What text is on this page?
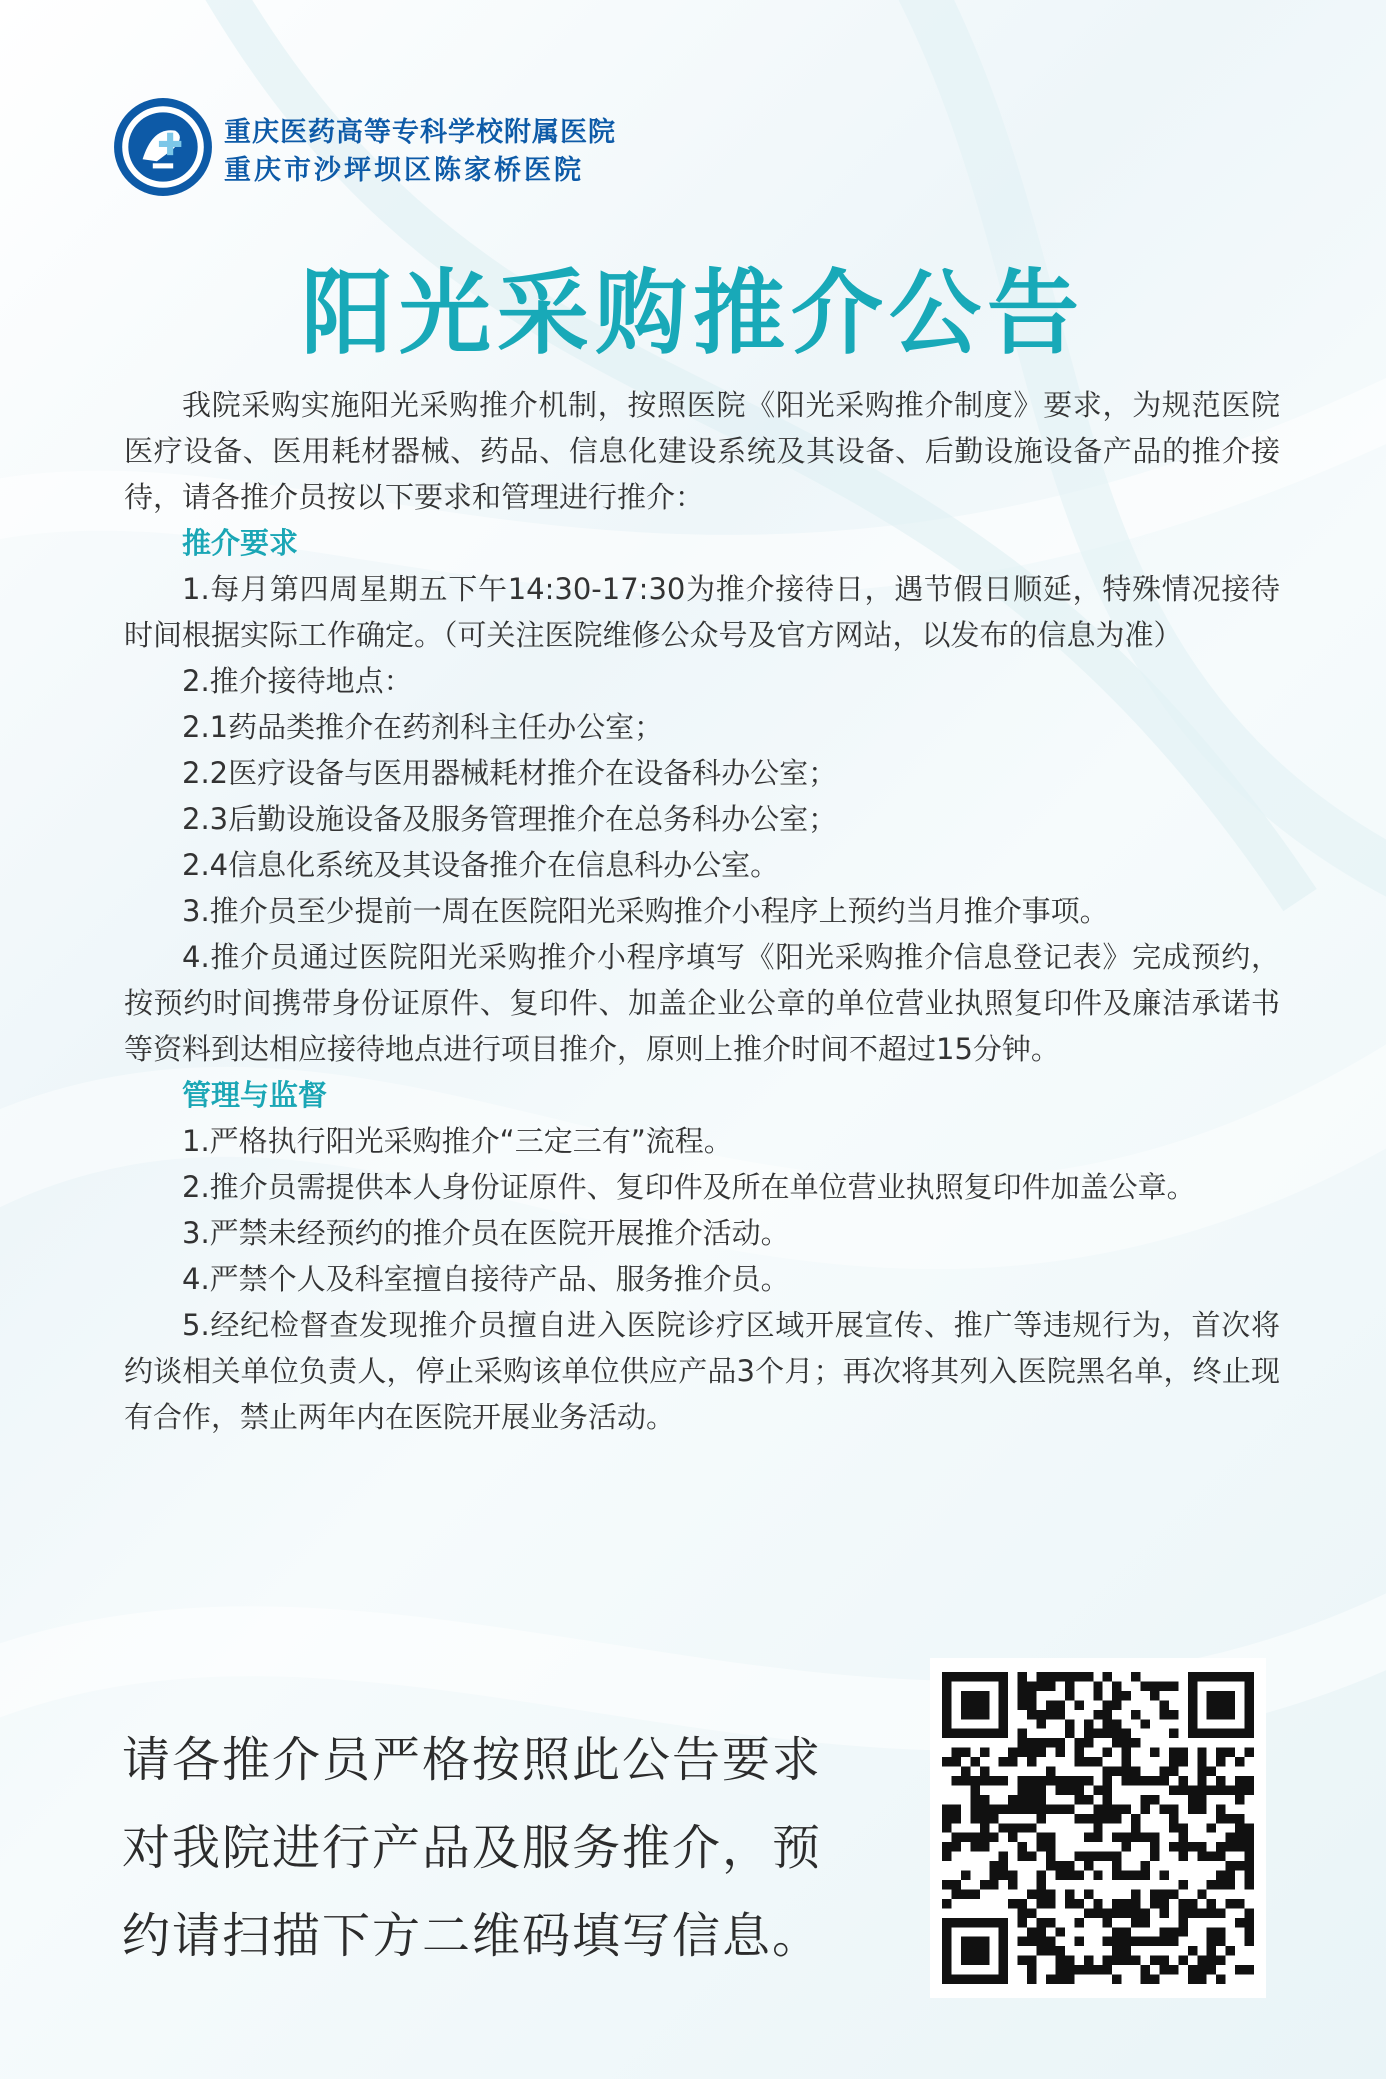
重庆医药高等专科学校附属医院
重庆市沙坪坝区陈家桥医院
阳光采购推介公告

我院采购实施阳光采购推介机制，按照医院《阳光采购推介制度》要求，为规范医院医疗设备、医用耗材器械、药品、信息化建设系统及其设备、后勤设施设备产品的推介接待，请各推介员按以下要求和管理进行推介：

推介要求

1.每月第四周星期五下午14:30-17:30为推介接待日，遇节假日顺延，特殊情况接待时间根据实际工作确定。（可关注医院维修公众号及官方网站，以发布的信息为准）

2.推介接待地点：

2.1药品类推介在药剂科主任办公室；

2.2医疗设备与医用器械耗材推介在设备科办公室；

2.3后勤设施设备及服务管理推介在总务科办公室；

2.4信息化系统及其设备推介在信息科办公室。

3.推介员至少提前一周在医院阳光采购推介小程序上预约当月推介事项。

4.推介员通过医院阳光采购推介小程序填写《阳光采购推介信息登记表》完成预约，按预约时间携带身份证原件、复印件、加盖企业公章的单位营业执照复印件及廉洁承诺书等资料到达相应接待地点进行项目推介，原则上推介时间不超过15分钟。

管理与监督

1.严格执行阳光采购推介“三定三有”流程。

2.推介员需提供本人身份证原件、复印件及所在单位营业执照复印件加盖公章。

3.严禁未经预约的推介员在医院开展推介活动。

4.严禁个人及科室擅自接待产品、服务推介员。

5.经纪检督查发现推介员擅自进入医院诊疗区域开展宣传、推广等违规行为，首次将约谈相关单位负责人，停止采购该单位供应产品3个月；再次将其列入医院黑名单，终止现有合作，禁止两年内在医院开展业务活动。

请各推介员严格按照此公告要求
对我院进行产品及服务推介，预
约请扫描下方二维码填写信息。
